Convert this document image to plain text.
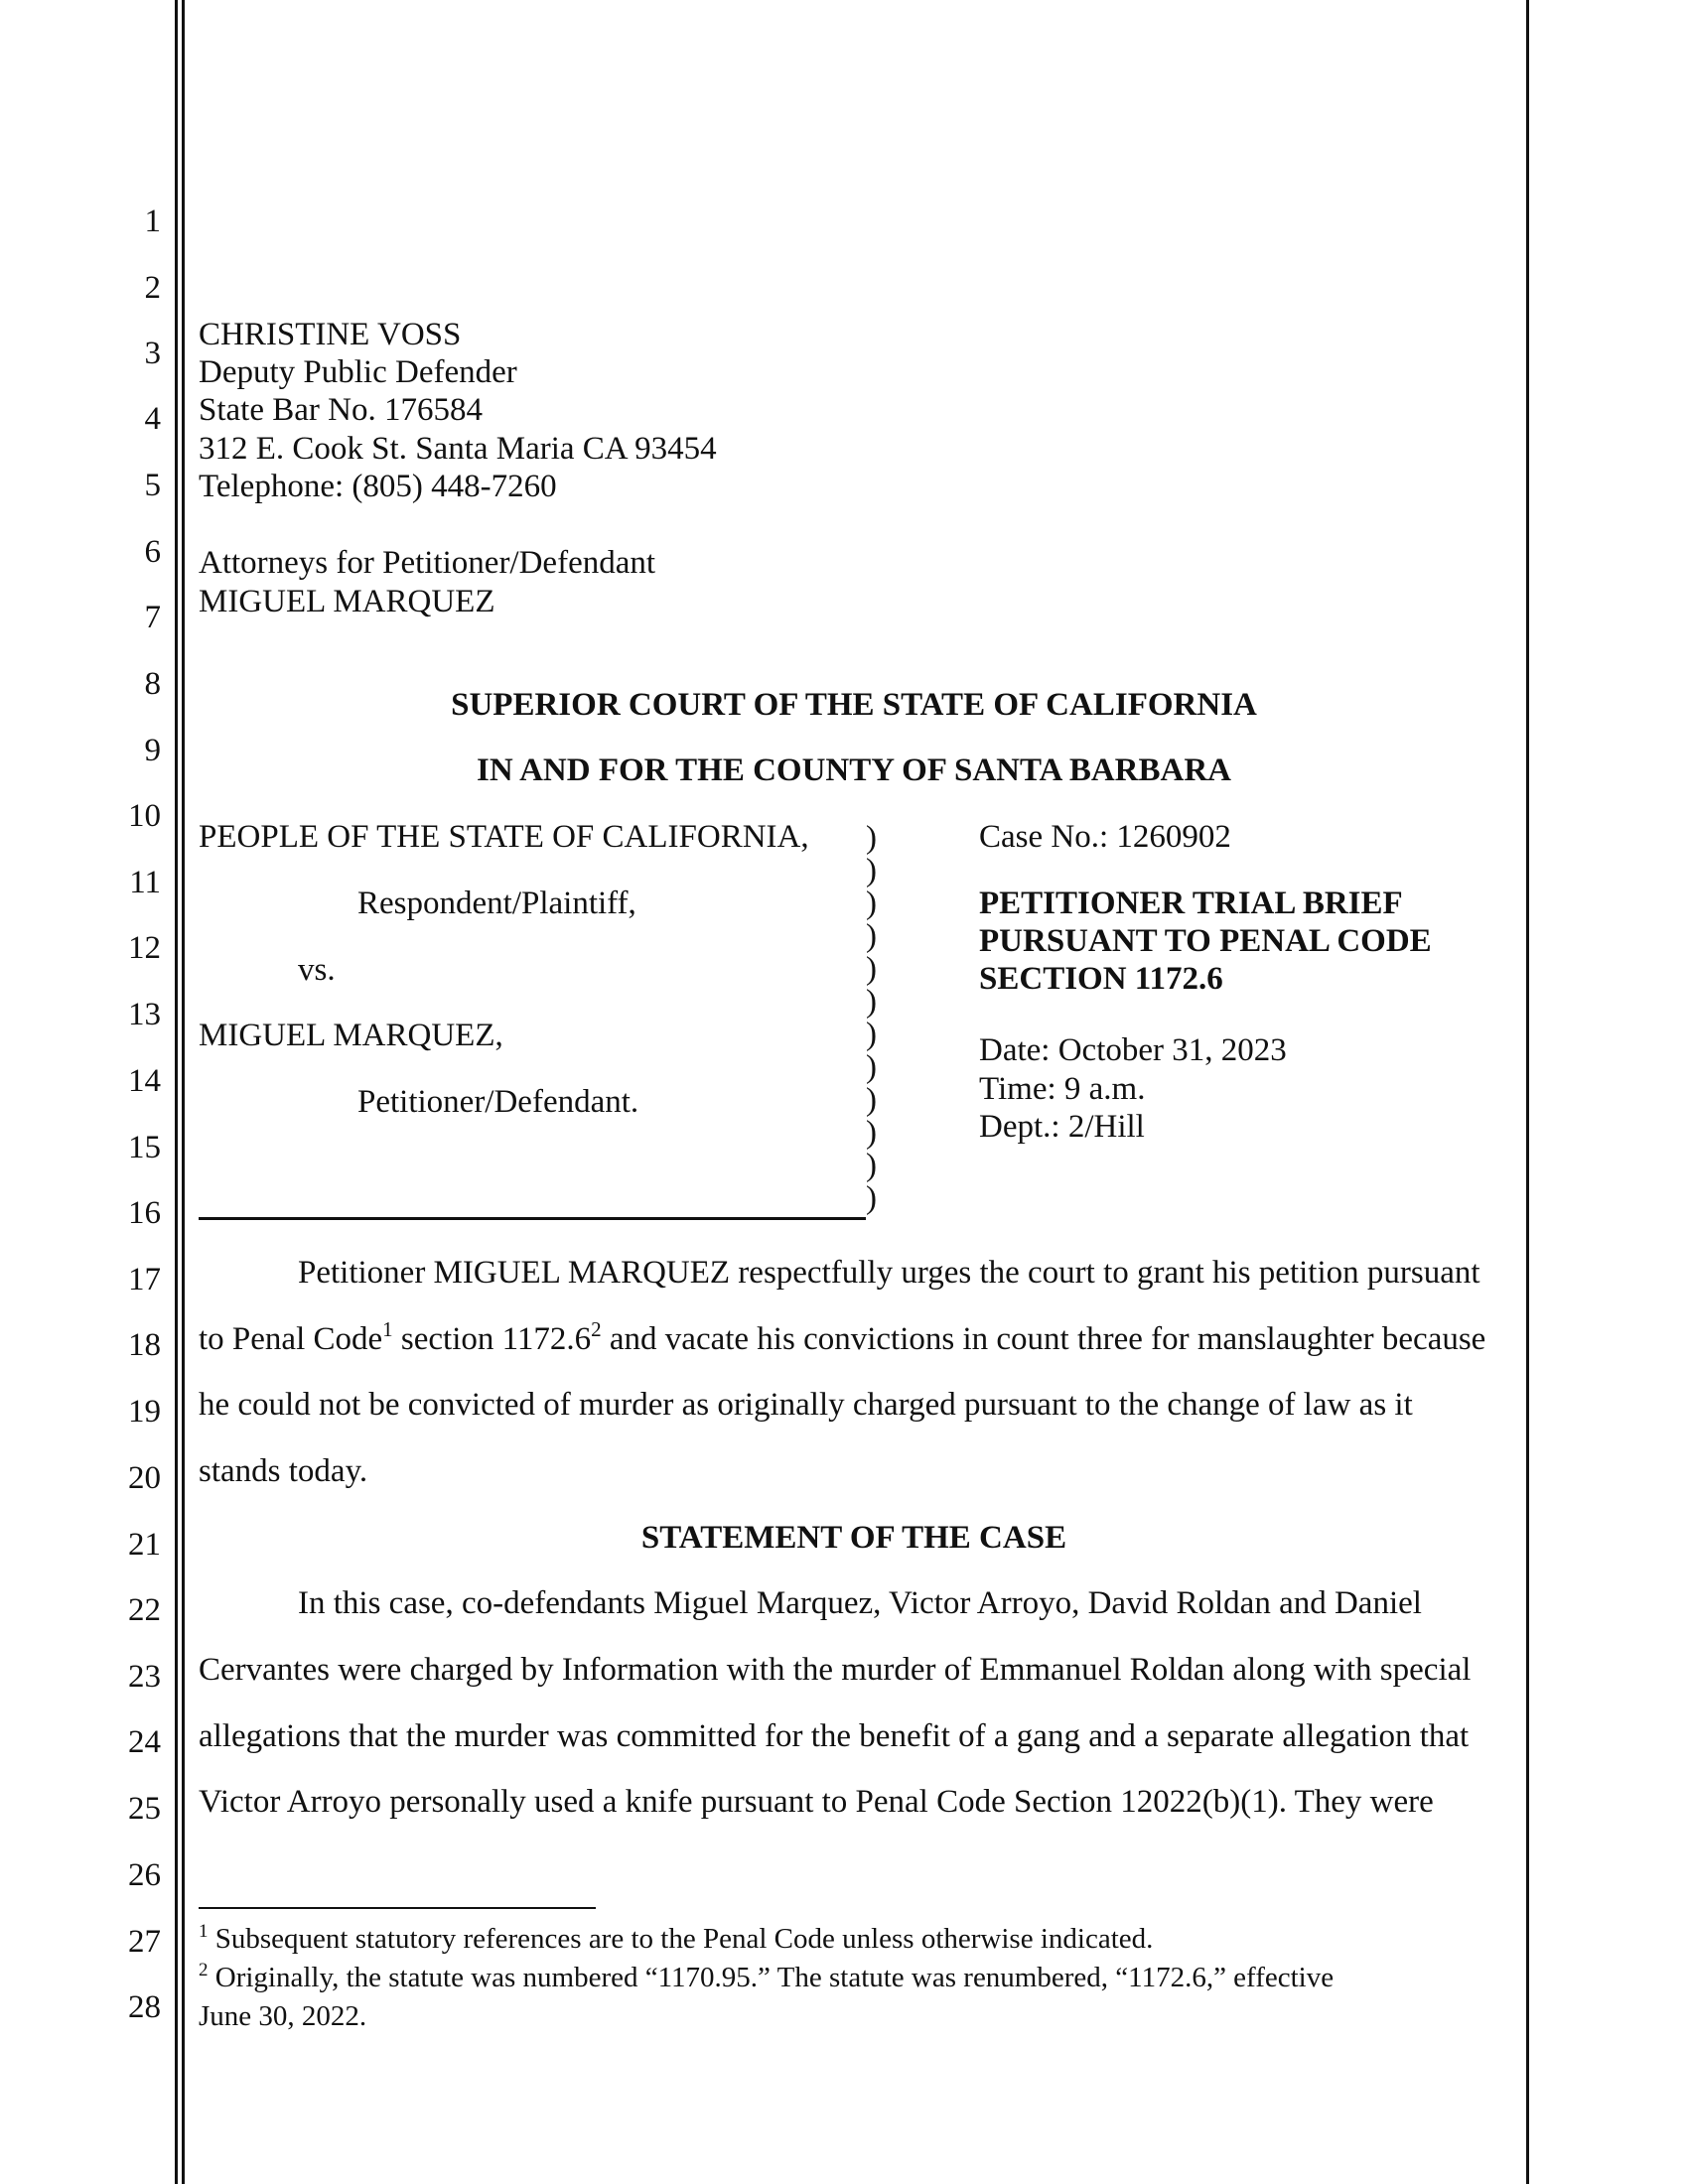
1
2
3
4
5
6
7
8
9
10
11
12
13
14
15
16
17
18
19
20
21
22
23
24
25
26
27
28
CHRISTINE VOSS
Deputy Public Defender
State Bar No. 176584
312 E. Cook St. Santa Maria CA 93454
Telephone: (805) 448-7260
Attorneys for Petitioner/Defendant
MIGUEL MARQUEZ
SUPERIOR COURT OF THE STATE OF CALIFORNIA
IN AND FOR THE COUNTY OF SANTA BARBARA
PEOPLE OF THE STATE OF CALIFORNIA,
Respondent/Plaintiff,
vs.
MIGUEL MARQUEZ,
Petitioner/Defendant.
)
)
)
)
)
)
)
)
)
)
)
)
Case No.: 1260902
PETITIONER TRIAL BRIEF
PURSUANT TO PENAL CODE
SECTION 1172.6
Date: October 31, 2023
Time: 9 a.m.
Dept.: 2/Hill
Petitioner MIGUEL MARQUEZ respectfully urges the court to grant his petition pursuant
to Penal Code$^1$ section 1172.6$^2$ and vacate his convictions in count three for manslaughter because
he could not be convicted of murder as originally charged pursuant to the change of law as it
stands today.
STATEMENT OF THE CASE
In this case, co-defendants Miguel Marquez, Victor Arroyo, David Roldan and Daniel
Cervantes were charged by Information with the murder of Emmanuel Roldan along with special
allegations that the murder was committed for the benefit of a gang and a separate allegation that
Victor Arroyo personally used a knife pursuant to Penal Code Section 12022(b)(1). They were
$^1$ Subsequent statutory references are to the Penal Code unless otherwise indicated.
$^2$ Originally, the statute was numbered “1170.95.” The statute was renumbered, “1172.6,” effective
June 30, 2022.
